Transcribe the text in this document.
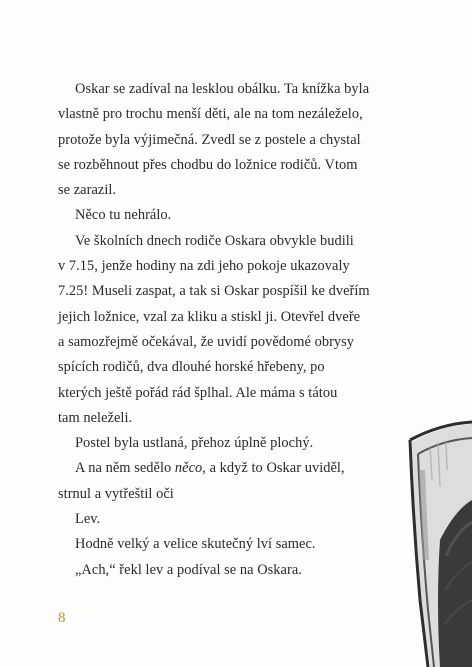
Oskar se zadíval na lesklou obálku. Ta knížka byla
vlastně pro trochu menší děti, ale na tom nezáleželo,
protože byla výjimečná. Zvedl se z postele a chystal
se rozběhnout přes chodbu do ložnice rodičů. Vtom
se zarazil.
Něco tu nehrálo.
Ve školních dnech rodiče Oskara obvykle budili
v 7.15, jenže hodiny na zdi jeho pokoje ukazovaly
7.25! Museli zaspat, a tak si Oskar pospíšil ke dveřím
jejich ložnice, vzal za kliku a stiskl ji. Otevřel dveře
a samozřejmě očekával, že uvidí povědomé obrysy
spících rodičů, dva dlouhé horské hřebeny, po
kterých ještě pořád rád šplhal. Ale máma s tátou
tam neleželi.
Postel byla ustlaná, přehoz úplně plochý.
A na něm sedělo něco, a když to Oskar uviděl,
strnul a vytřeštil oči
Lev.
Hodně velký a velice skutečný lví samec.
„Ach,“ řekl lev a podíval se na Oskara.
8
